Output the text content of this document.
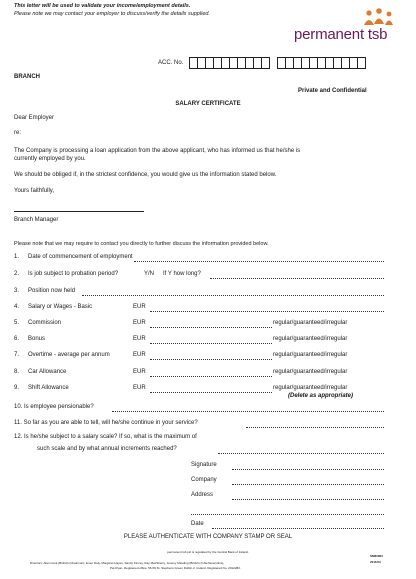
This letter will be used to validate your income/employment details.
Please note we may contact your employer to discuss/verify the details supplied.
permanent tsb
ACC. No.
BRANCH
Private and Confidential
SALARY CERTIFICATE
Dear Employer
re:
The Company is processing a loan application from the above applicant, who has informed us that he/she is
currently employed by you.
We should be obliged if, in the strictest confidence, you would give us the information stated below.
Yours faithfully,
Branch Manager
Please note that we may require to contact you directly to further discuss the information provided below.
1. Date of commencement of employment
2. Is job subject to probation period?	Y/N If Y how long?
3. Position now held
4. Salary or Wages - Basic	EUR
5. Commission	EUR	regular/guaranteed/irregular
6. Bonus	EUR	regular/guaranteed/irregular
7. Overtime - average per annum	EUR	regular/guaranteed/irregular
8. Car Allowance	EUR	regular/guaranteed/irregular
9. Shift Allowance	EUR	regular/guaranteed/irregular
(Delete as appropriate)
10. Is employee pensionable?
11. So far as you are able to tell, will he/she continue in your service?
12. Is he/she subject to a salary scale? If so, what is the maximum of
such scale and by what annual increments reached?
Signature
Company
Address
Date
PLEASE AUTHENTICATE WITH COMPANY STAMP OR SEAL
permanent tsb plc is regulated by the Central Bank of Ireland.
Directors: Alan Cook (British) (Chairman), Emer Daly, Margaret Hayes, Sandy Kinney, Ray MacSharry, Jeremy Masding (British) (Chief Executive),
Pat Ryan. Registered office: 56-59 St. Stephens Green Dublin 2, Ireland. Registered No. 2012282.
SM80863
2011/03
